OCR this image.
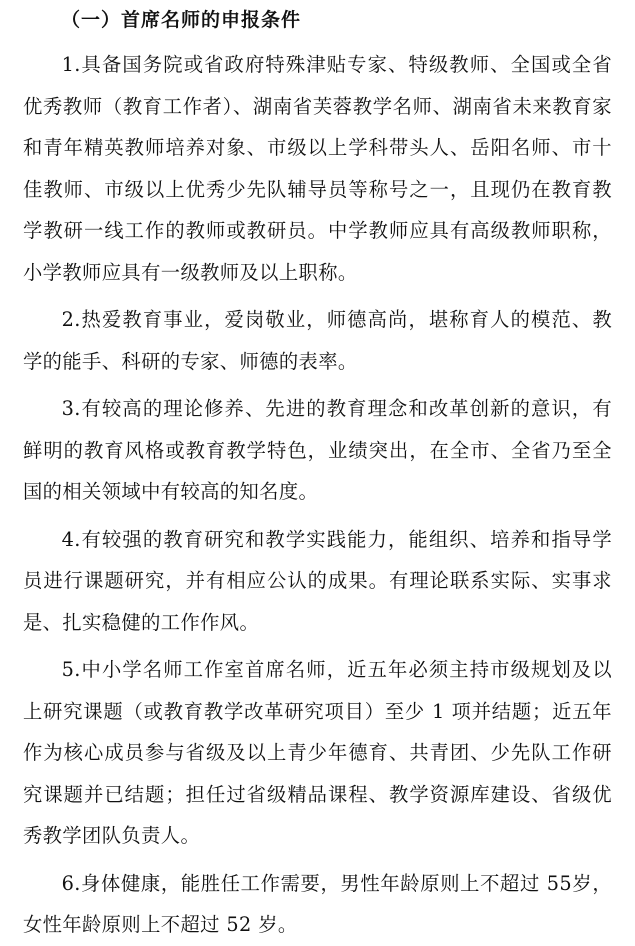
（一）首席名师的申报条件

1.具备国务院或省政府特殊津贴专家、特级教师、全国或全省优秀教师（教育工作者）、湖南省芙蓉教学名师、湖南省未来教育家和青年精英教师培养对象、市级以上学科带头人、岳阳名师、市十佳教师、市级以上优秀少先队辅导员等称号之一，且现仍在教育教学教研一线工作的教师或教研员。中学教师应具有高级教师职称，小学教师应具有一级教师及以上职称。

2.热爱教育事业，爱岗敬业，师德高尚，堪称育人的模范、教学的能手、科研的专家、师德的表率。

3.有较高的理论修养、先进的教育理念和改革创新的意识，有鲜明的教育风格或教育教学特色，业绩突出，在全市、全省乃至全国的相关领域中有较高的知名度。

4.有较强的教育研究和教学实践能力，能组织、培养和指导学员进行课题研究，并有相应公认的成果。有理论联系实际、实事求是、扎实稳健的工作作风。

5.中小学名师工作室首席名师，近五年必须主持市级规划及以上研究课题（或教育教学改革研究项目）至少 1 项并结题；近五年作为核心成员参与省级及以上青少年德育、共青团、少先队工作研究课题并已结题；担任过省级精品课程、教学资源库建设、省级优秀教学团队负责人。

6.身体健康，能胜任工作需要，男性年龄原则上不超过 55岁，女性年龄原则上不超过 52 岁。
